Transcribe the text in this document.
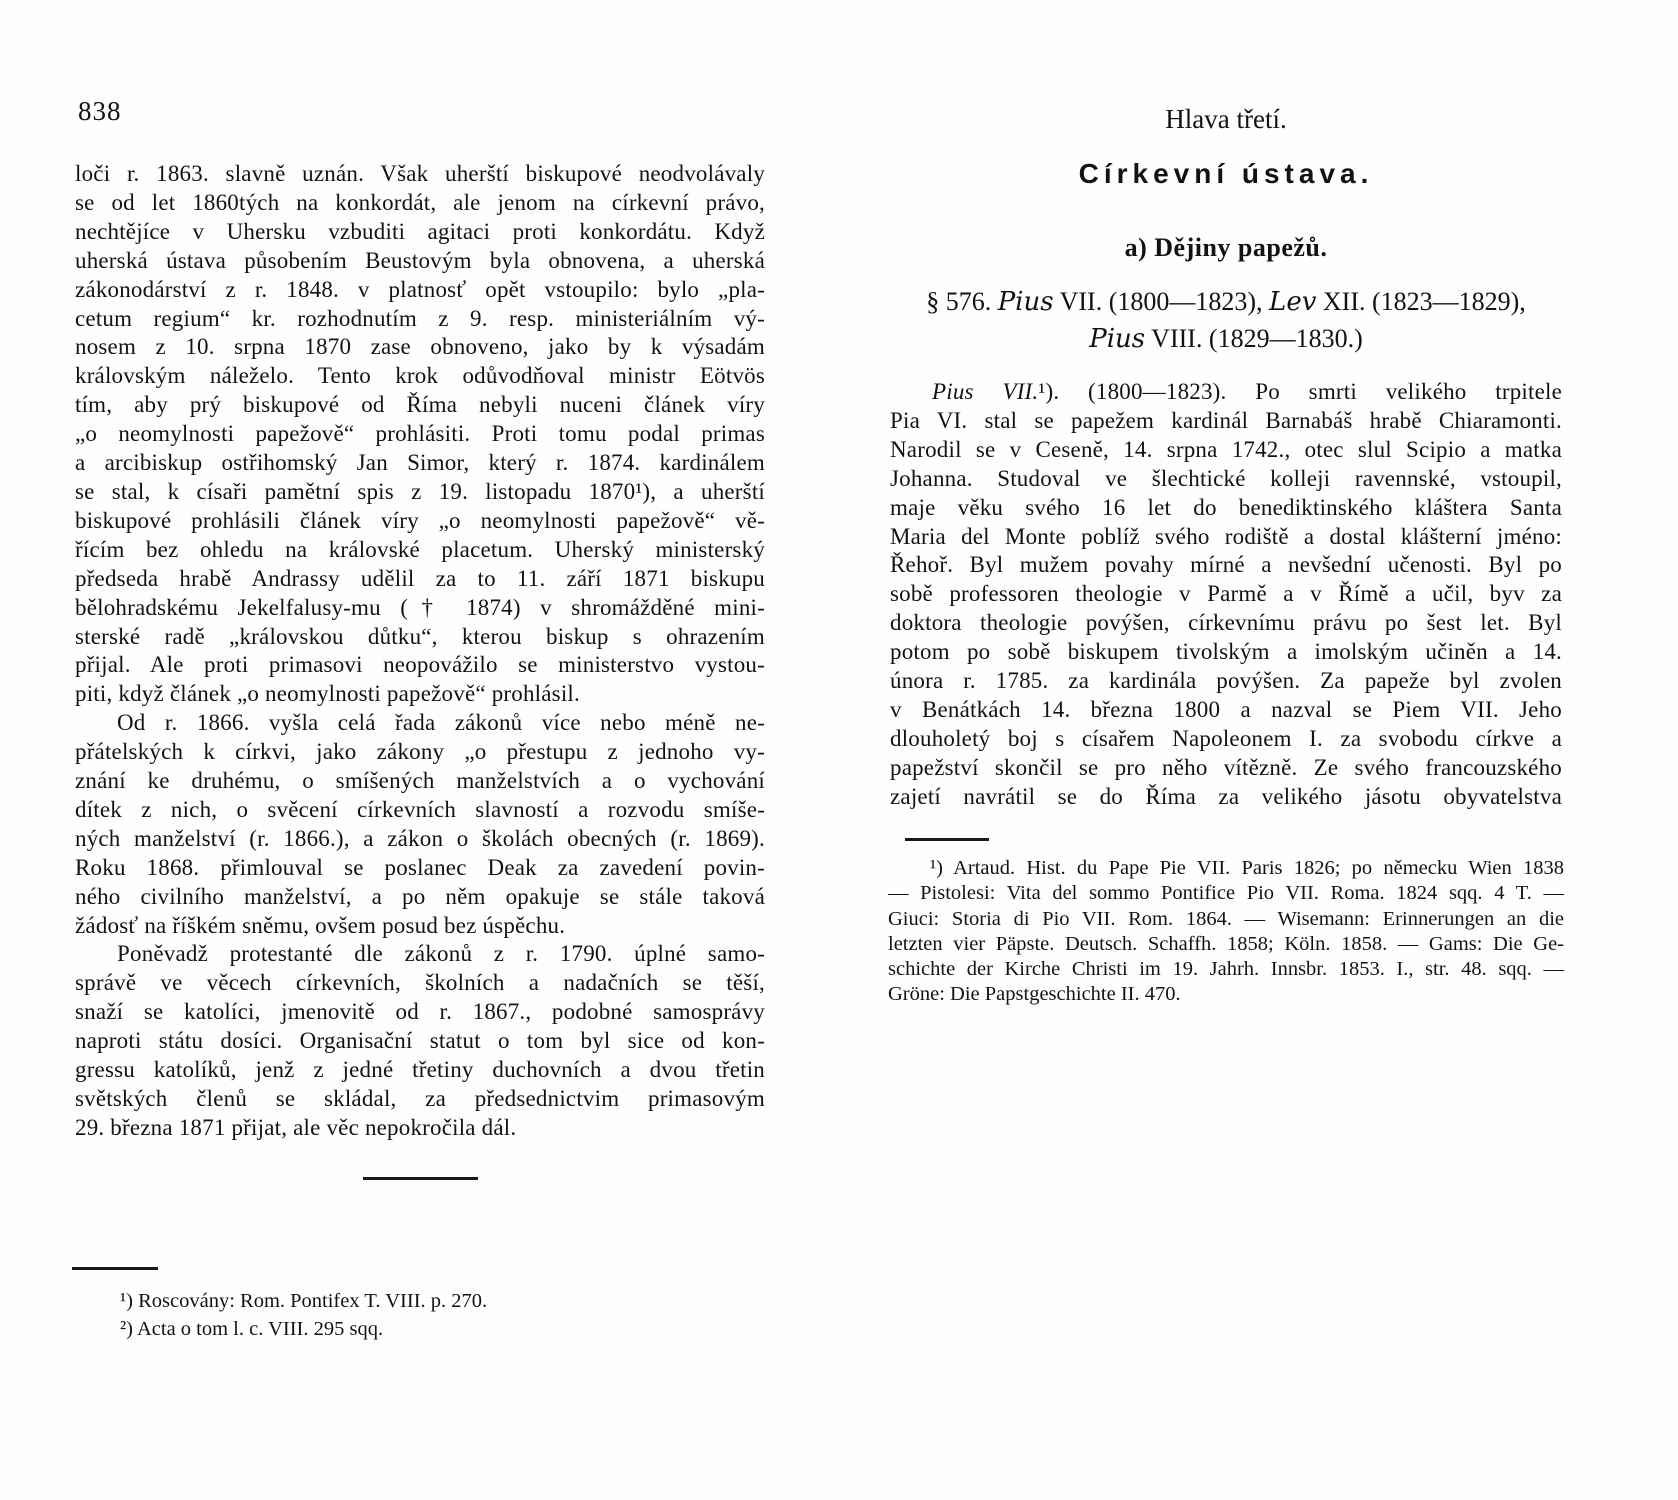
838
loči r. 1863. slavně uznán. Však uherští biskupové neodvolávaly
se od let 1860tých na konkordát, ale jenom na církevní právo,
nechtějíce v Uhersku vzbuditi agitaci proti konkordátu. Když
uherská ústava působením Beustovým byla obnovena, a uherská
zákonodárství z r. 1848. v platnosť opět vstoupilo: bylo „pla-
cetum regium“ kr. rozhodnutím z 9. resp. ministeriálním vý-
nosem z 10. srpna 1870 zase obnoveno, jako by k výsadám
královským náleželo. Tento krok odůvodňoval ministr Eötvös
tím, aby prý biskupové od Říma nebyli nuceni článek víry
„o neomylnosti papežově“ prohlásiti. Proti tomu podal primas
a arcibiskup ostřihomský Jan Simor, který r. 1874. kardinálem
se stal, k císaři pamětní spis z 19. listopadu 1870¹), a uherští
biskupové prohlásili článek víry „o neomylnosti papežově“ vě-
řícím bez ohledu na královské placetum. Uherský ministerský
předseda hrabě Andrassy udělil za to 11. září 1871 biskupu
bělohradskému Jekelfalusy-mu († 1874) v shromážděné mini-
sterské radě „královskou důtku“, kterou biskup s ohrazením
přijal. Ale proti primasovi neopovážilo se ministerstvo vystou-
piti, když článek „o neomylnosti papežově“ prohlásil.
Od r. 1866. vyšla celá řada zákonů více nebo méně ne-
přátelských k církvi, jako zákony „o přestupu z jednoho vy-
znání ke druhému, o smíšených manželstvích a o vychování
dítek z nich, o svěcení církevních slavností a rozvodu smíše-
ných manželství (r. 1866.), a zákon o školách obecných (r. 1869).
Roku 1868. přimlouval se poslanec Deak za zavedení povin-
ného civilního manželství, a po něm opakuje se stále taková
žádosť na říškém sněmu, ovšem posud bez úspěchu.
Poněvadž protestanté dle zákonů z r. 1790. úplné samo-
správě ve věcech církevních, školních a nadačních se těší,
snaží se katolíci, jmenovitě od r. 1867., podobné samosprávy
naproti státu dosíci. Organisační statut o tom byl sice od kon-
gressu katolíků, jenž z jedné třetiny duchovních a dvou třetin
světských členů se skládal, za předsednictvim primasovým
29. března 1871 přijat, ale věc nepokročila dál.
¹) Roscovány: Rom. Pontifex T. VIII. p. 270.
²) Acta o tom l. c. VIII. 295 sqq.
Hlava třetí.
Církevní ústava.
a) Dějiny papežů.
§ 576. Pius VII. (1800—1823), Lev XII. (1823—1829),
Pius VIII. (1829—1830.)
Pius VII.¹). (1800—1823). Po smrti velikého trpitele
Pia VI. stal se papežem kardinál Barnabáš hrabě Chiaramonti.
Narodil se v Ceseně, 14. srpna 1742., otec slul Scipio a matka
Johanna. Studoval ve šlechtické kolleji ravennské, vstoupil,
maje věku svého 16 let do benediktinského kláštera Santa
Maria del Monte poblíž svého rodiště a dostal klášterní jméno:
Řehoř. Byl mužem povahy mírné a nevšední učenosti. Byl po
sobě professoren theologie v Parmě a v Římě a učil, byv za
doktora theologie povýšen, církevnímu právu po šest let. Byl
potom po sobě biskupem tivolským a imolským učiněn a 14.
února r. 1785. za kardinála povýšen. Za papeže byl zvolen
v Benátkách 14. března 1800 a nazval se Piem VII. Jeho
dlouholetý boj s císařem Napoleonem I. za svobodu církve a
papežství skončil se pro něho vítězně. Ze svého francouzského
zajetí navrátil se do Říma za velikého jásotu obyvatelstva
¹) Artaud. Hist. du Pape Pie VII. Paris 1826; po německu Wien 1838
— Pistolesi: Vita del sommo Pontifice Pio VII. Roma. 1824 sqq. 4 T. —
Giuci: Storia di Pio VII. Rom. 1864. — Wisemann: Erinnerungen an die
letzten vier Päpste. Deutsch. Schaffh. 1858; Köln. 1858. — Gams: Die Ge-
schichte der Kirche Christi im 19. Jahrh. Innsbr. 1853. I., str. 48. sqq. —
Gröne: Die Papstgeschichte II. 470.
